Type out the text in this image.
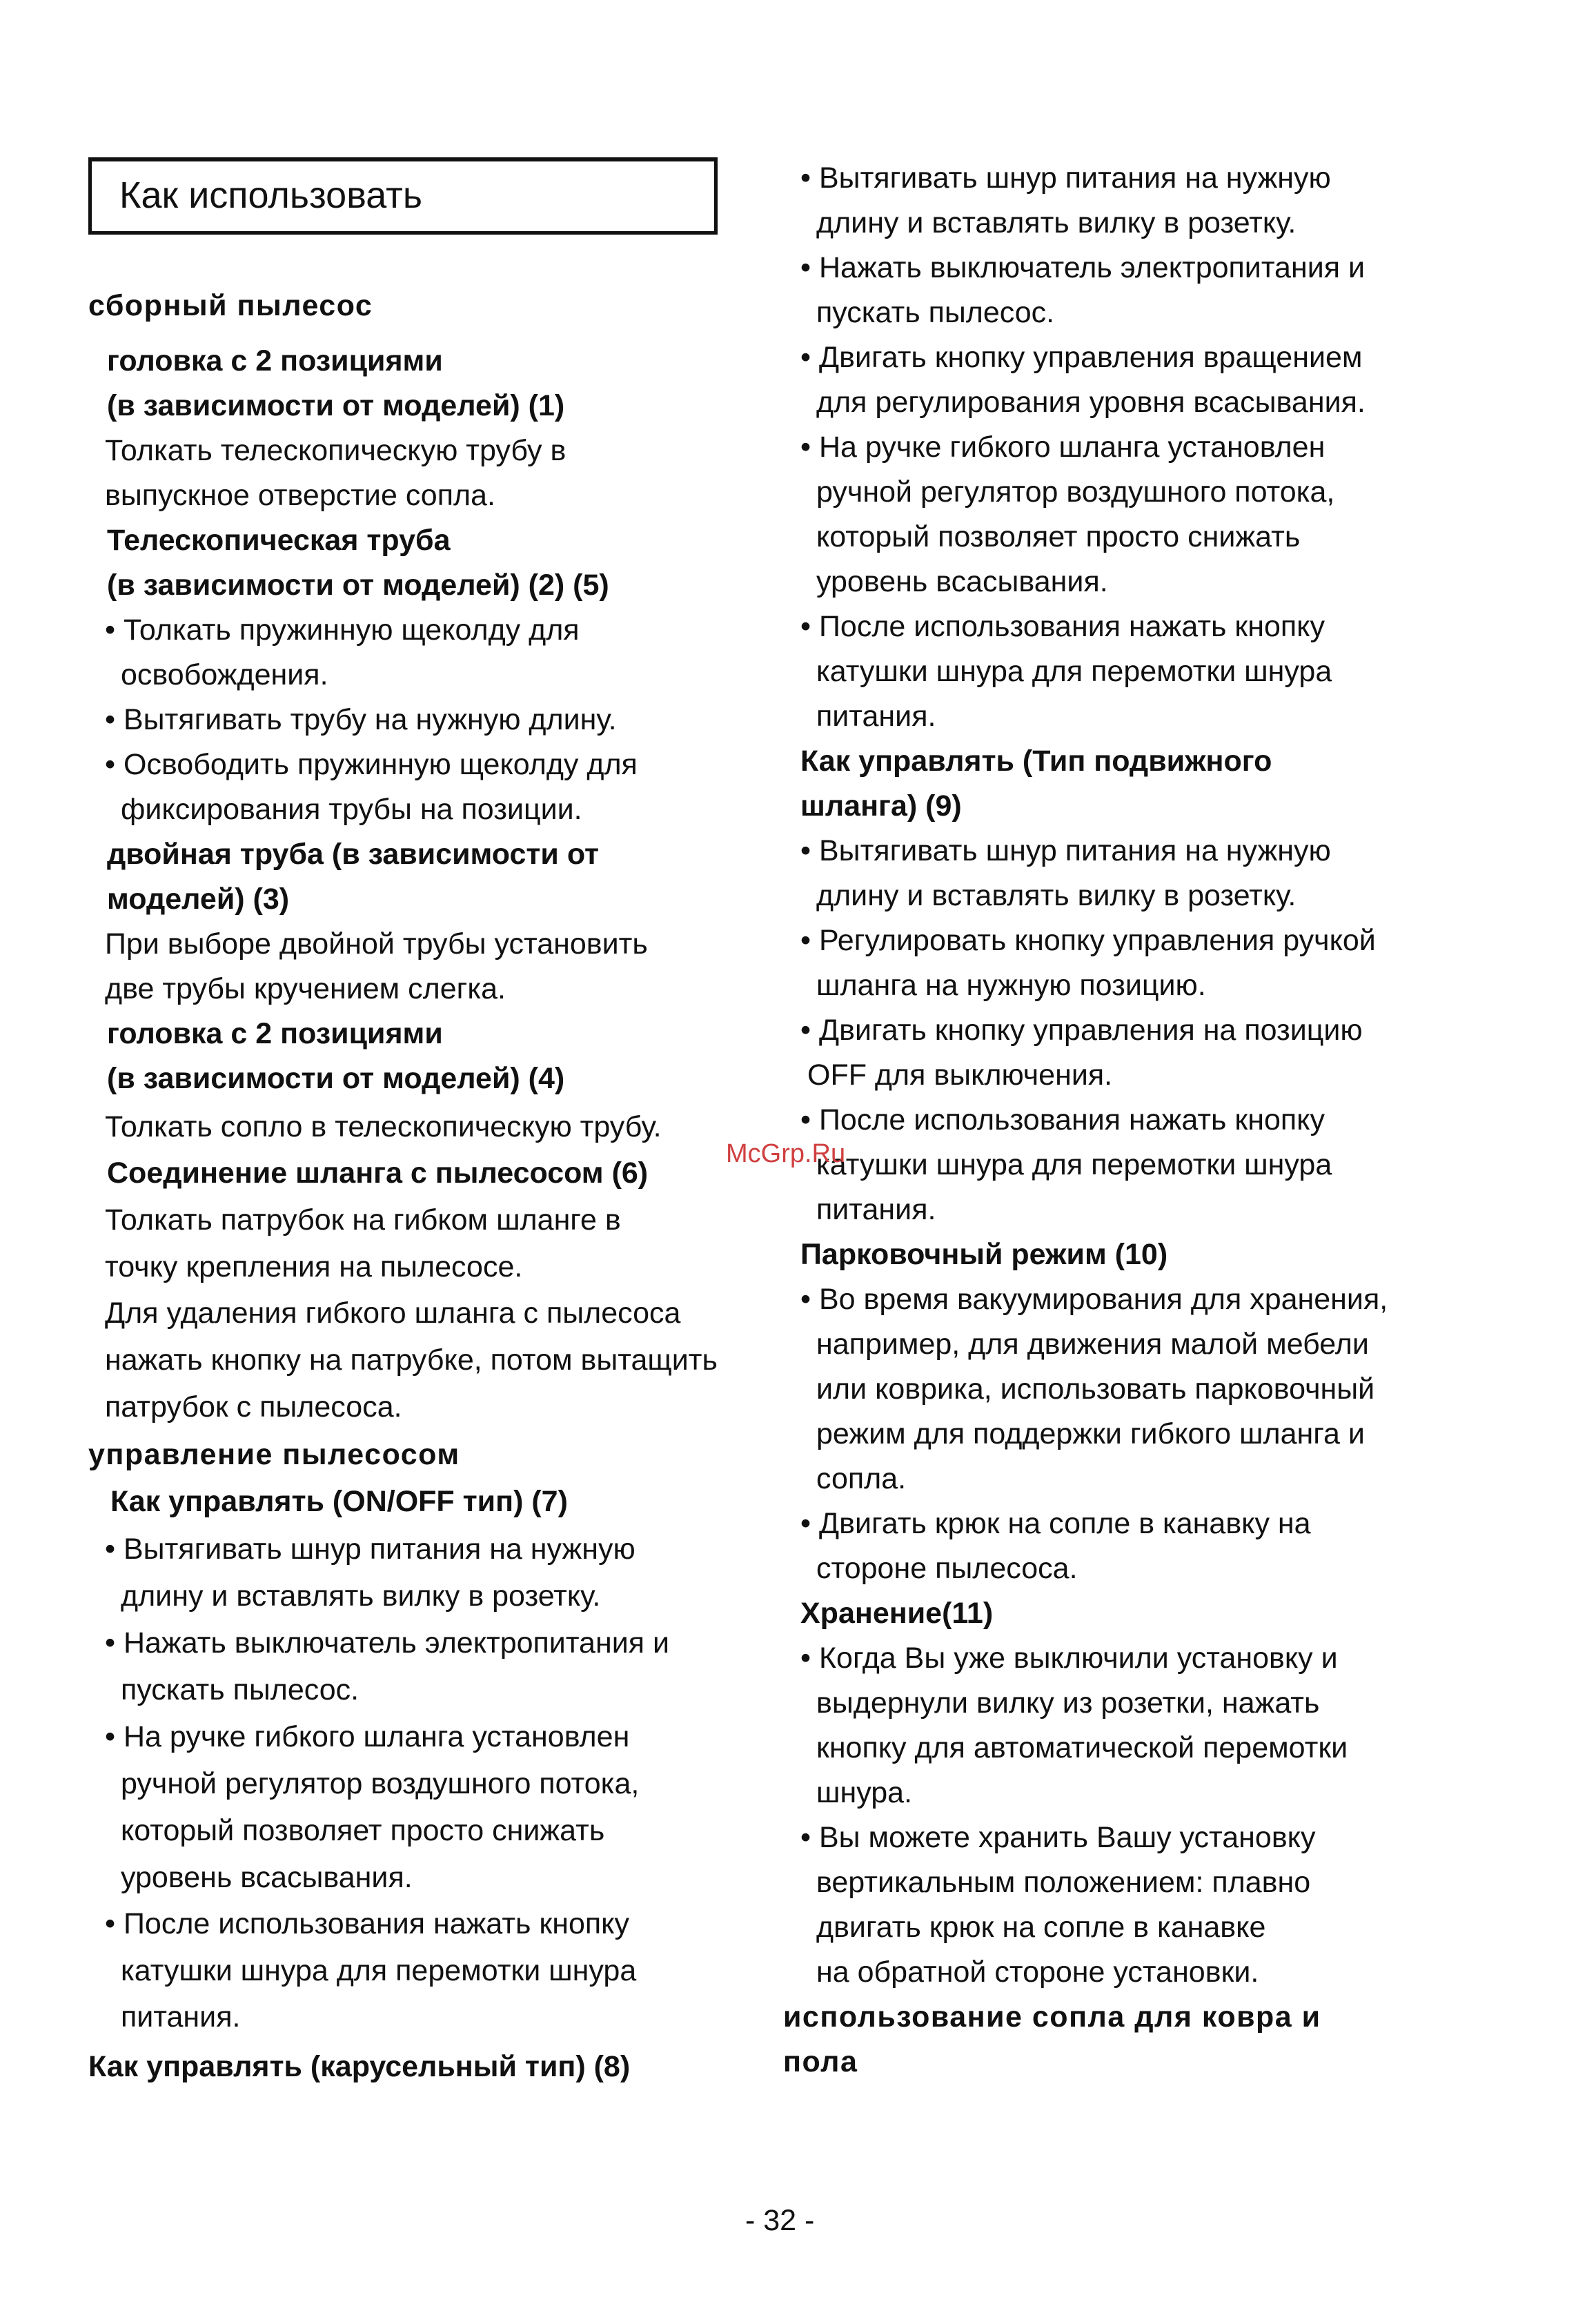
Как использовать
сборный пылесос
головка с 2 позициями
(в зависимости от моделей) (1)
Толкать телескопическую трубу в
выпускное отверстие сопла.
Телескопическая труба
(в зависимости от моделей) (2) (5)
• Толкать пружинную щеколду для
освобождения.
• Вытягивать трубу на нужную длину.
• Освободить пружинную щеколду для
фиксирования трубы на позиции.
двойная труба (в зависимости от
моделей) (3)
При выборе двойной трубы установить
две трубы кручением слегка.
головка с 2 позициями
(в зависимости от моделей) (4)
Толкать сопло в телескопическую трубу.
Соединение шланга с пылесосом (6)
Толкать патрубок на гибком шланге в
точку крепления на пылесосе.
Для удаления гибкого шланга с пылесоса
нажать кнопку на патрубке, потом вытащить
патрубок с пылесоса.
управление пылесосом
Как управлять (ON/OFF тип) (7)
• Вытягивать шнур питания на нужную
длину и вставлять вилку в розетку.
• Нажать выключатель электропитания и
пускать пылесос.
• На ручке гибкого шланга установлен
ручной регулятор воздушного потока,
который позволяет просто снижать
уровень всасывания.
• После использования нажать кнопку
катушки шнура для перемотки шнура
питания.
Как управлять (карусельный тип) (8)
• Вытягивать шнур питания на нужную
длину и вставлять вилку в розетку.
• Нажать выключатель электропитания и
пускать пылесос.
• Двигать кнопку управления вращением
для регулирования уровня всасывания.
• На ручке гибкого шланга установлен
ручной регулятор воздушного потока,
который позволяет просто снижать
уровень всасывания.
• После использования нажать кнопку
катушки шнура для перемотки шнура
питания.
Как управлять (Тип подвижного
шланга) (9)
• Вытягивать шнур питания на нужную
длину и вставлять вилку в розетку.
• Регулировать кнопку управления ручкой
шланга на нужную позицию.
• Двигать кнопку управления на позицию
OFF для выключения.
• После использования нажать кнопку
катушки шнура для перемотки шнура
питания.
Парковочный режим (10)
• Во время вакуумирования для хранения,
например, для движения малой мебели
или коврика, использовать парковочный
режим для поддержки гибкого шланга и
сопла.
• Двигать крюк на сопле в канавку на
стороне пылесоса.
Хранение(11)
• Когда Вы уже выключили установку и
выдернули вилку из розетки, нажать
кнопку для автоматической перемотки
шнура.
• Вы можете хранить Вашу установку
вертикальным положением: плавно
двигать крюк на сопле в канавке
на обратной стороне установки.
использование сопла для ковра и
пола
McGrp.Ru
- 32 -
